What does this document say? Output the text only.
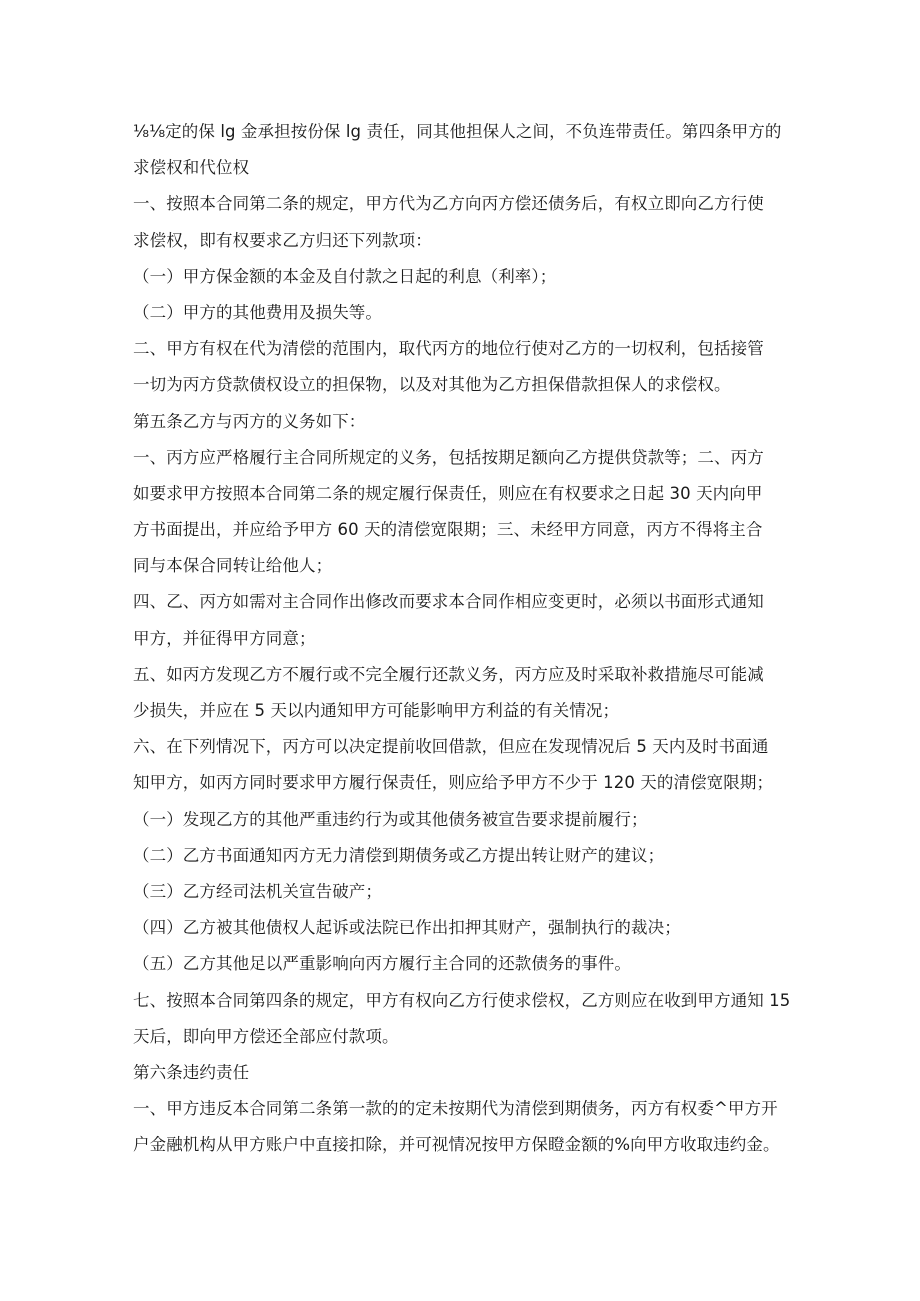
⅛⅛定的保 lg 金承担按份保 lg 责任，同其他担保人之间，不负连带责任。第四条甲方的
求偿权和代位权
一、按照本合同第二条的规定，甲方代为乙方向丙方偿还债务后，有权立即向乙方行使
求偿权，即有权要求乙方归还下列款项：
（一）甲方保金额的本金及自付款之日起的利息（利率）；
（二）甲方的其他费用及损失等。
二、甲方有权在代为清偿的范围内，取代丙方的地位行使对乙方的一切权利，包括接管
一切为丙方贷款债权设立的担保物，以及对其他为乙方担保借款担保人的求偿权。
第五条乙方与丙方的义务如下：
一、丙方应严格履行主合同所规定的义务，包括按期足额向乙方提供贷款等；二、丙方
如要求甲方按照本合同第二条的规定履行保责任，则应在有权要求之日起 30 天内向甲
方书面提出，并应给予甲方 60 天的清偿宽限期；三、未经甲方同意，丙方不得将主合
同与本保合同转让给他人；
四、乙、丙方如需对主合同作出修改而要求本合同作相应变更时，必须以书面形式通知
甲方，并征得甲方同意；
五、如丙方发现乙方不履行或不完全履行还款义务，丙方应及时采取补救措施尽可能减
少损失，并应在 5 天以内通知甲方可能影响甲方利益的有关情况；
六、在下列情况下，丙方可以决定提前收回借款，但应在发现情况后 5 天内及时书面通
知甲方，如丙方同时要求甲方履行保责任，则应给予甲方不少于 120 天的清偿宽限期；
（一）发现乙方的其他严重违约行为或其他债务被宣告要求提前履行；
（二）乙方书面通知丙方无力清偿到期债务或乙方提出转让财产的建议；
（三）乙方经司法机关宣告破产；
（四）乙方被其他债权人起诉或法院已作出扣押其财产，强制执行的裁决；
（五）乙方其他足以严重影响向丙方履行主合同的还款债务的事件。
七、按照本合同第四条的规定，甲方有权向乙方行使求偿权，乙方则应在收到甲方通知 15
天后，即向甲方偿还全部应付款项。
第六条违约责任
一、甲方违反本合同第二条第一款的的定未按期代为清偿到期债务，丙方有权委^甲方开
户金融机构从甲方账户中直接扣除，并可视情况按甲方保瞪金额的%向甲方收取违约金。
